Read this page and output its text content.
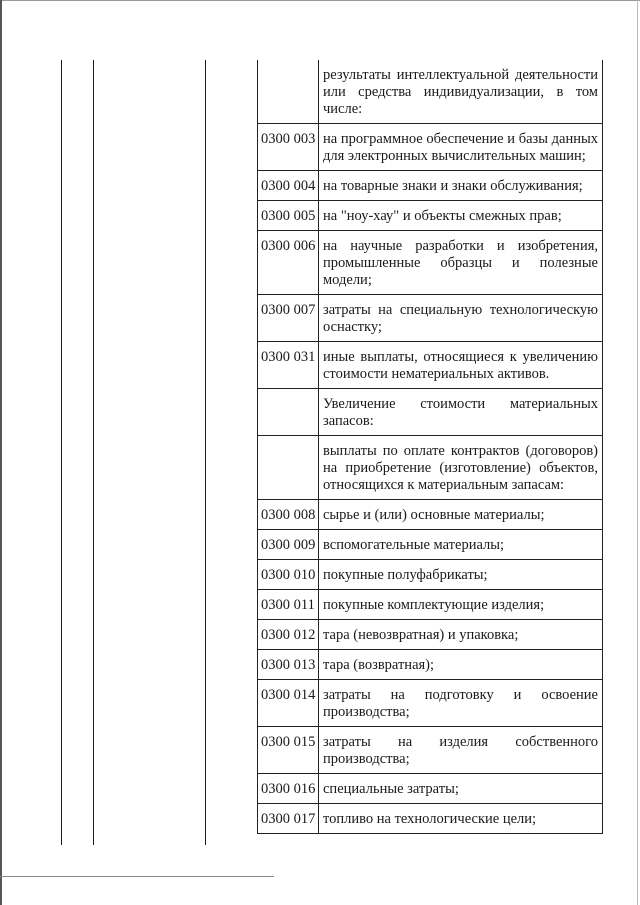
	результаты интеллектуальной деятельности или средства индивидуализации, в том числе:
0300 003	на программное обеспечение и базы данных для электронных вычислительных машин;
0300 004	на товарные знаки и знаки обслуживания;
0300 005	на "ноу-хау" и объекты смежных прав;
0300 006	на научные разработки и изобретения, промышленные образцы и полезные модели;
0300 007	затраты на специальную технологическую оснастку;
0300 031	иные выплаты, относящиеся к увеличению стоимости нематериальных активов.
	Увеличение стоимости материальных запасов:
	выплаты по оплате контрактов (договоров) на приобретение (изготовление) объектов, относящихся к материальным запасам:
0300 008	сырье и (или) основные материалы;
0300 009	вспомогательные материалы;
0300 010	покупные полуфабрикаты;
0300 011	покупные комплектующие изделия;
0300 012	тара (невозвратная) и упаковка;
0300 013	тара (возвратная);
0300 014	затраты на подготовку и освоение производства;
0300 015	затраты на изделия собственного производства;
0300 016	специальные затраты;
0300 017	топливо на технологические цели;
